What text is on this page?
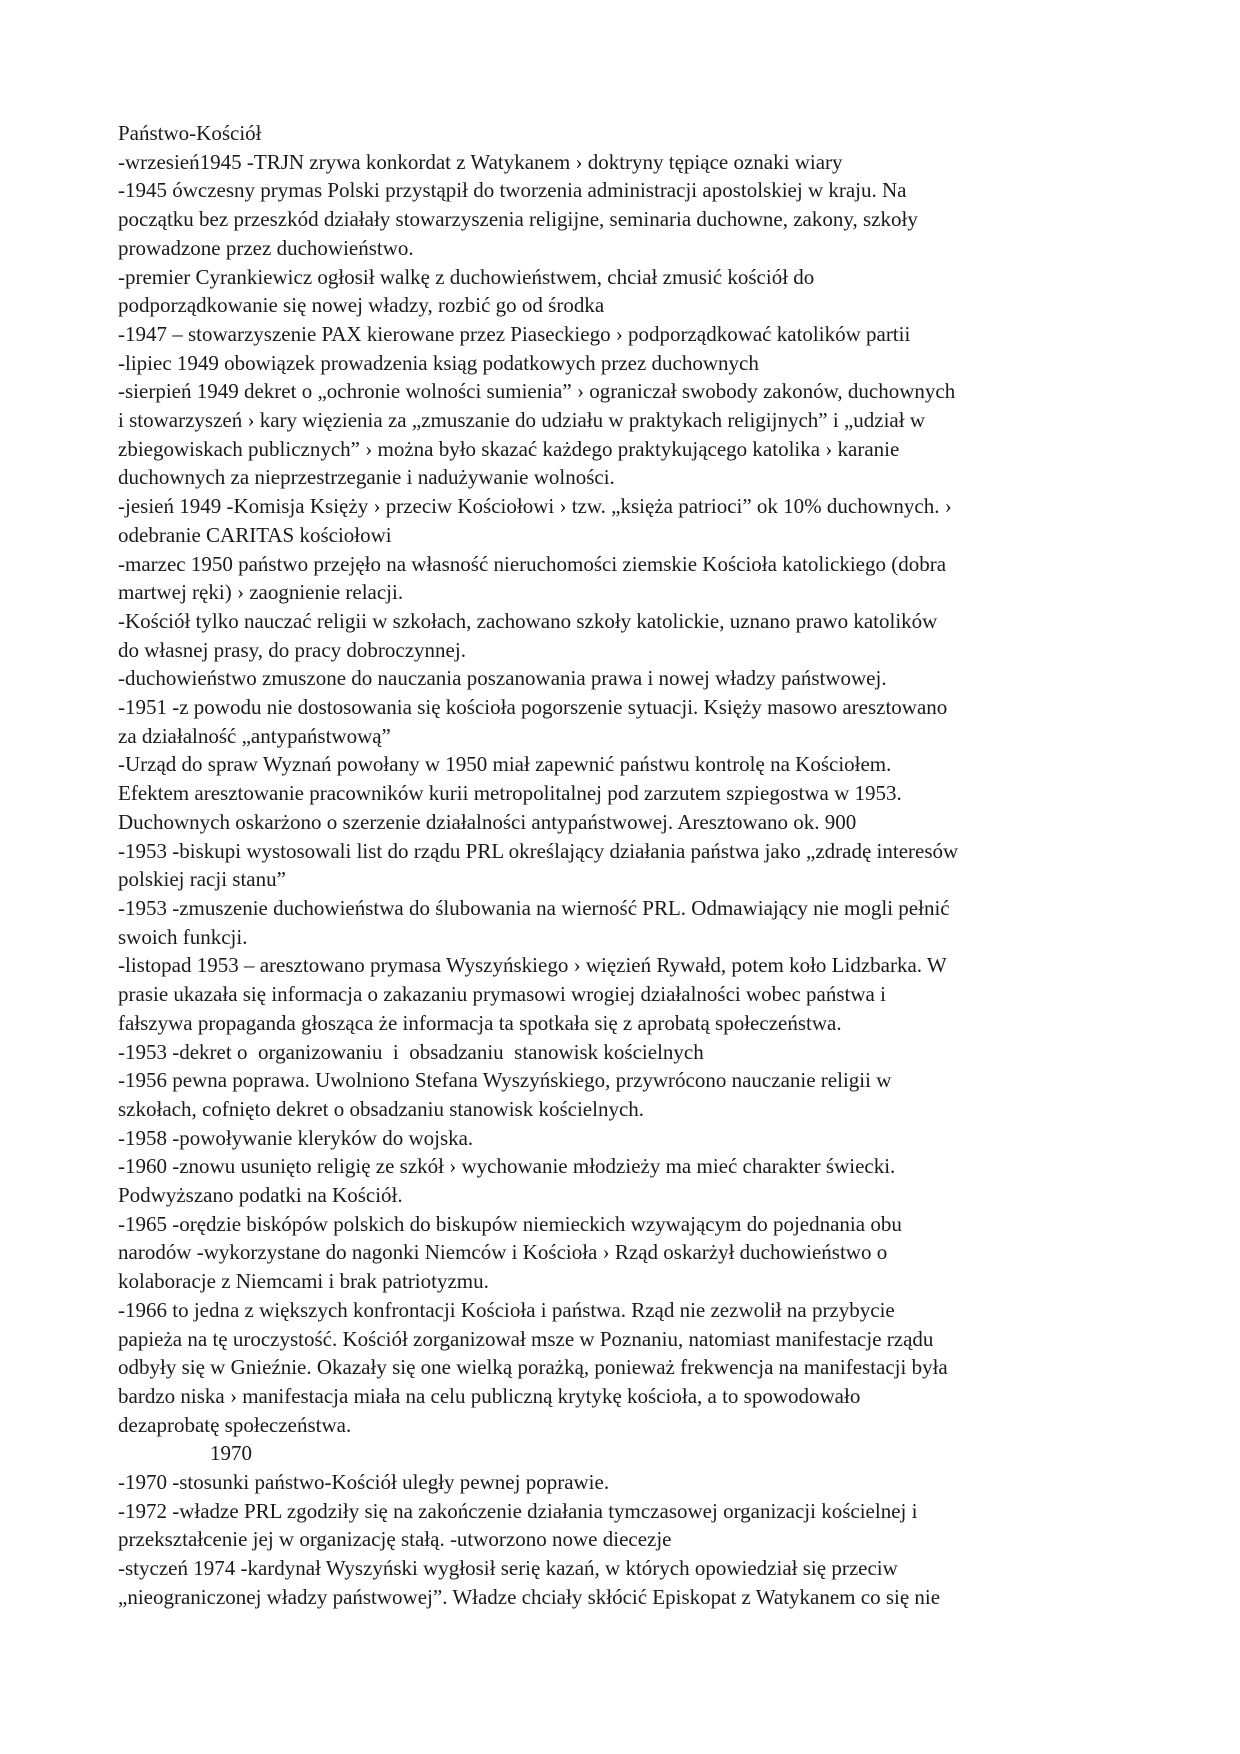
Państwo-Kościół
-wrzesień1945 -TRJN zrywa konkordat z Watykanem › doktryny tępiące oznaki wiary
-1945 ówczesny prymas Polski przystąpił do tworzenia administracji apostolskiej w kraju. Na
początku bez przeszkód działały stowarzyszenia religijne, seminaria duchowne, zakony, szkoły
prowadzone przez duchowieństwo.
-premier Cyrankiewicz ogłosił walkę z duchowieństwem, chciał zmusić kościół do
podporządkowanie się nowej władzy, rozbić go od środka
-1947 – stowarzyszenie PAX kierowane przez Piaseckiego › podporządkować katolików partii
-lipiec 1949 obowiązek prowadzenia ksiąg podatkowych przez duchownych
-sierpień 1949 dekret o „ochronie wolności sumienia” › ograniczał swobody zakonów, duchownych
i stowarzyszeń › kary więzienia za „zmuszanie do udziału w praktykach religijnych” i „udział w
zbiegowiskach publicznych” › można było skazać każdego praktykującego katolika › karanie
duchownych za nieprzestrzeganie i nadużywanie wolności.
-jesień 1949 -Komisja Księży › przeciw Kościołowi › tzw. „księża patrioci” ok 10% duchownych. ›
odebranie CARITAS kościołowi
-marzec 1950 państwo przejęło na własność nieruchomości ziemskie Kościoła katolickiego (dobra
martwej ręki) › zaognienie relacji.
-Kościół tylko nauczać religii w szkołach, zachowano szkoły katolickie, uznano prawo katolików
do własnej prasy, do pracy dobroczynnej.
-duchowieństwo zmuszone do nauczania poszanowania prawa i nowej władzy państwowej.
-1951 -z powodu nie dostosowania się kościoła pogorszenie sytuacji. Księży masowo aresztowano
za działalność „antypaństwową”
-Urząd do spraw Wyznań powołany w 1950 miał zapewnić państwu kontrolę na Kościołem.
Efektem aresztowanie pracowników kurii metropolitalnej pod zarzutem szpiegostwa w 1953.
Duchownych oskarżono o szerzenie działalności antypaństwowej. Aresztowano ok. 900
-1953 -biskupi wystosowali list do rządu PRL określający działania państwa jako „zdradę interesów
polskiej racji stanu”
-1953 -zmuszenie duchowieństwa do ślubowania na wierność PRL. Odmawiający nie mogli pełnić
swoich funkcji.
-listopad 1953 – aresztowano prymasa Wyszyńskiego › więzień Rywałd, potem koło Lidzbarka. W
prasie ukazała się informacja o zakazaniu prymasowi wrogiej działalności wobec państwa i
fałszywa propaganda głosząca że informacja ta spotkała się z aprobatą społeczeństwa.
-1953 -dekret o  organizowaniu  i  obsadzaniu  stanowisk kościelnych
-1956 pewna poprawa. Uwolniono Stefana Wyszyńskiego, przywrócono nauczanie religii w
szkołach, cofnięto dekret o obsadzaniu stanowisk kościelnych.
-1958 -powoływanie kleryków do wojska.
-1960 -znowu usunięto religię ze szkół › wychowanie młodzieży ma mieć charakter świecki.
Podwyższano podatki na Kościół.
-1965 -orędzie biskópów polskich do biskupów niemieckich wzywającym do pojednania obu
narodów -wykorzystane do nagonki Niemców i Kościoła › Rząd oskarżył duchowieństwo o
kolaboracje z Niemcami i brak patriotyzmu.
-1966 to jedna z większych konfrontacji Kościoła i państwa. Rząd nie zezwolił na przybycie
papieża na tę uroczystość. Kościół zorganizował msze w Poznaniu, natomiast manifestacje rządu
odbyły się w Gnieźnie. Okazały się one wielką porażką, ponieważ frekwencja na manifestacji była
bardzo niska › manifestacja miała na celu publiczną krytykę kościoła, a to spowodowało
dezaprobatę społeczeństwa.
1970
-1970 -stosunki państwo-Kościół uległy pewnej poprawie.
-1972 -władze PRL zgodziły się na zakończenie działania tymczasowej organizacji kościelnej i
przekształcenie jej w organizację stałą. -utworzono nowe diecezje
-styczeń 1974 -kardynał Wyszyński wygłosił serię kazań, w których opowiedział się przeciw
„nieograniczonej władzy państwowej”. Władze chciały skłócić Episkopat z Watykanem co się nie
